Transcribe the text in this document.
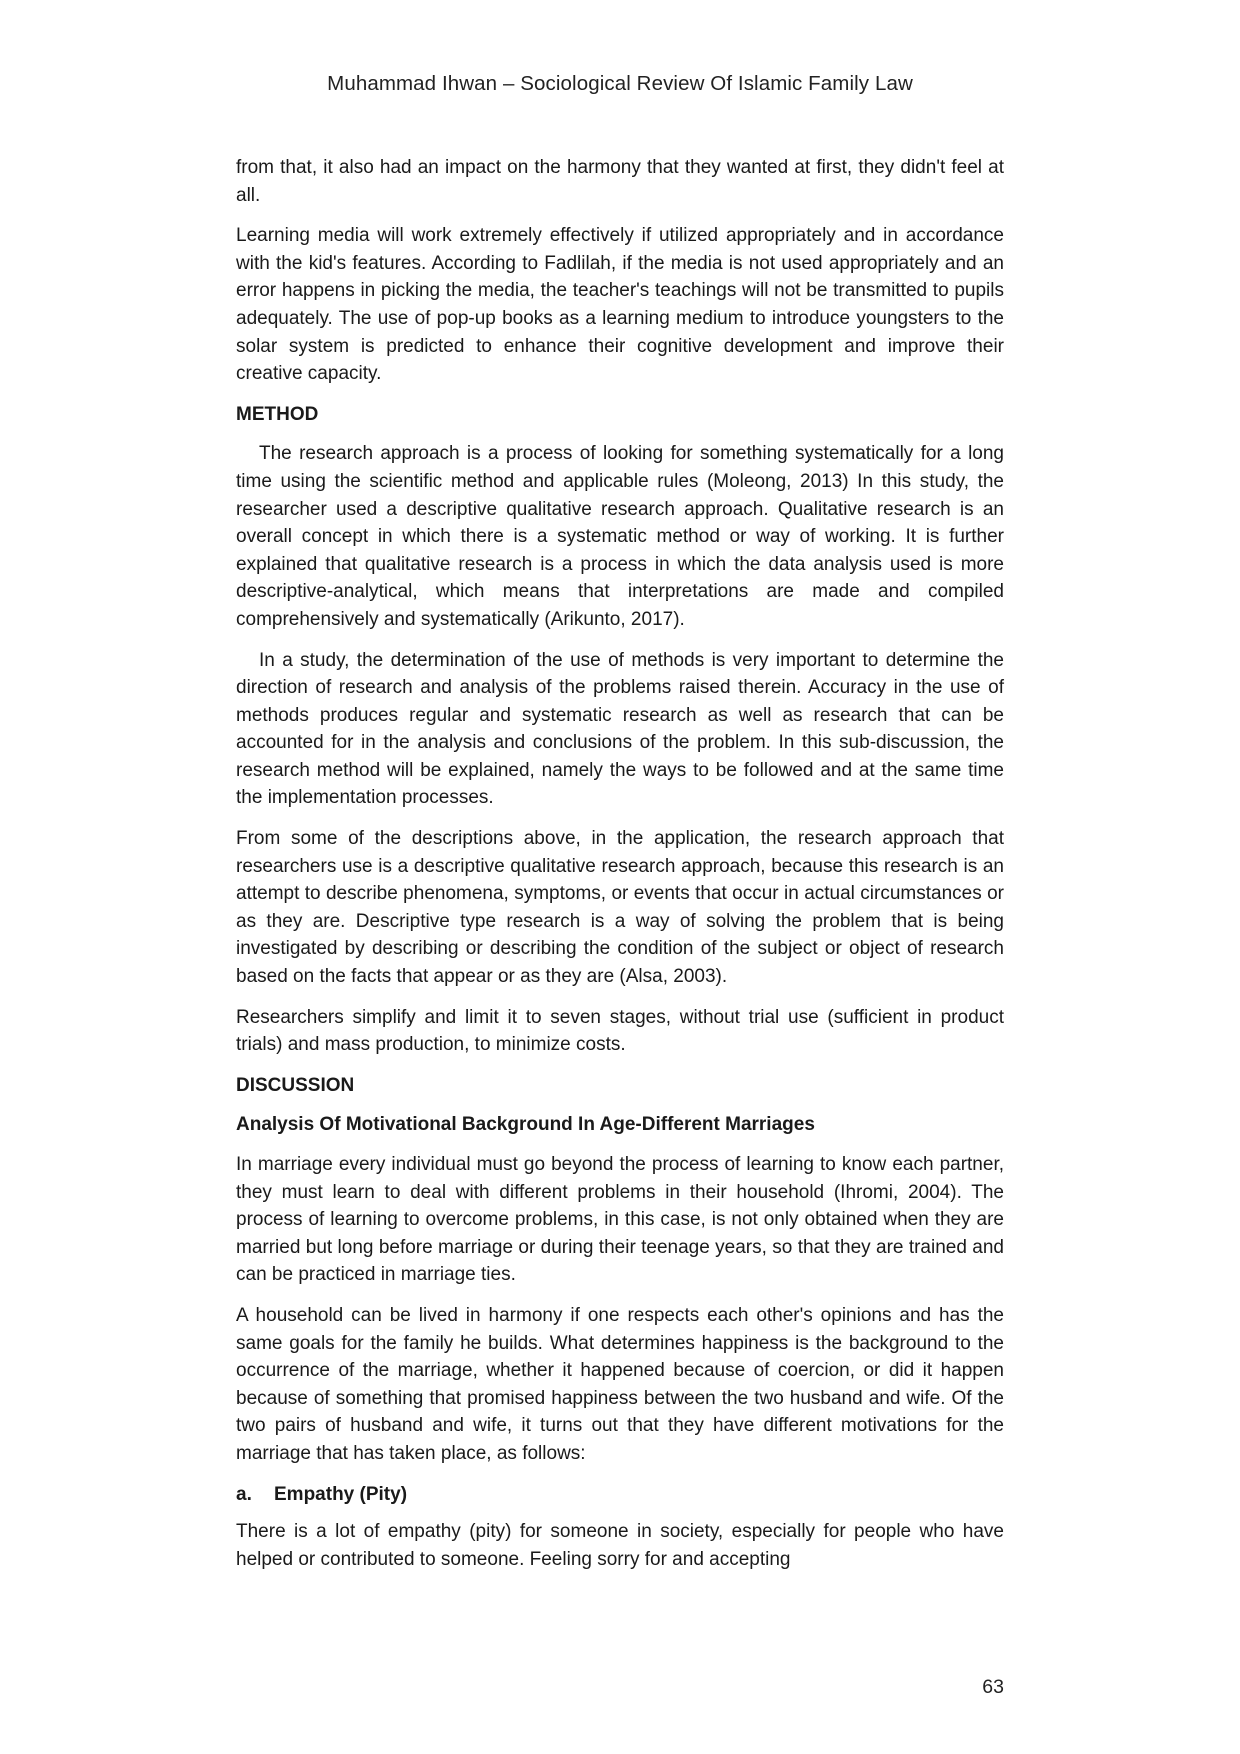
Muhammad Ihwan – Sociological Review Of Islamic Family Law

from that, it also had an impact on the harmony that they wanted at first, they didn't feel at all.

Learning media will work extremely effectively if utilized appropriately and in accordance with the kid's features. According to Fadlilah, if the media is not used appropriately and an error happens in picking the media, the teacher's teachings will not be transmitted to pupils adequately. The use of pop-up books as a learning medium to introduce youngsters to the solar system is predicted to enhance their cognitive development and improve their creative capacity.

METHOD

The research approach is a process of looking for something systematically for a long time using the scientific method and applicable rules (Moleong, 2013) In this study, the researcher used a descriptive qualitative research approach. Qualitative research is an overall concept in which there is a systematic method or way of working. It is further explained that qualitative research is a process in which the data analysis used is more descriptive-analytical, which means that interpretations are made and compiled comprehensively and systematically (Arikunto, 2017).

In a study, the determination of the use of methods is very important to determine the direction of research and analysis of the problems raised therein. Accuracy in the use of methods produces regular and systematic research as well as research that can be accounted for in the analysis and conclusions of the problem. In this sub-discussion, the research method will be explained, namely the ways to be followed and at the same time the implementation processes.

From some of the descriptions above, in the application, the research approach that researchers use is a descriptive qualitative research approach, because this research is an attempt to describe phenomena, symptoms, or events that occur in actual circumstances or as they are. Descriptive type research is a way of solving the problem that is being investigated by describing or describing the condition of the subject or object of research based on the facts that appear or as they are (Alsa, 2003).

Researchers simplify and limit it to seven stages, without trial use (sufficient in product trials) and mass production, to minimize costs.

DISCUSSION
Analysis Of Motivational Background In Age-Different Marriages

In marriage every individual must go beyond the process of learning to know each partner, they must learn to deal with different problems in their household (Ihromi, 2004). The process of learning to overcome problems, in this case, is not only obtained when they are married but long before marriage or during their teenage years, so that they are trained and can be practiced in marriage ties.

A household can be lived in harmony if one respects each other's opinions and has the same goals for the family he builds. What determines happiness is the background to the occurrence of the marriage, whether it happened because of coercion, or did it happen because of something that promised happiness between the two husband and wife. Of the two pairs of husband and wife, it turns out that they have different motivations for the marriage that has taken place, as follows:

a.	Empathy (Pity)

There is a lot of empathy (pity) for someone in society, especially for people who have helped or contributed to someone. Feeling sorry for and accepting

63
